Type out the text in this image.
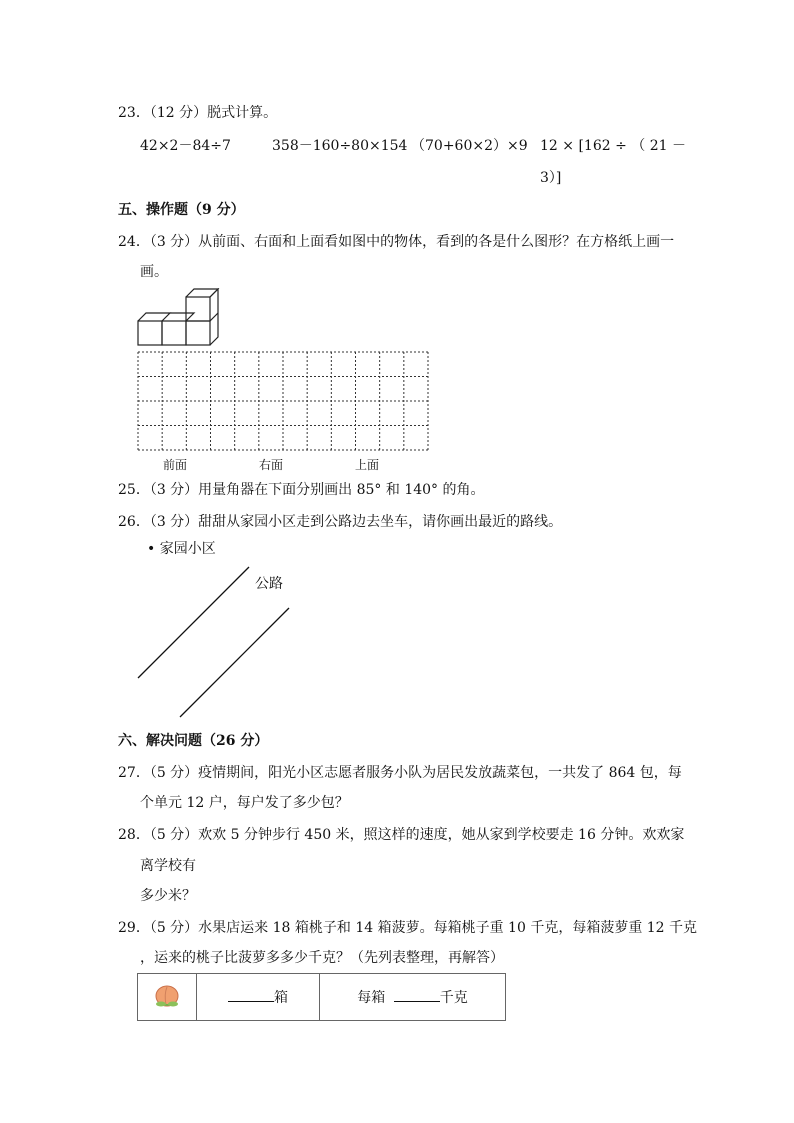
23．（12 分）脱式计算。
42×2－84÷7	358－160÷80×154 （70+60×2）×9 12 × [162 ÷ （ 21 －
3）]
五、操作题（9 分）
24．（3 分）从前面、右面和上面看如图中的物体，看到的各是什么图形？在方格纸上画一
画。
前面	右面	上面
25．（3 分）用量角器在下面分别画出 85° 和 140° 的角。
26．（3 分）甜甜从家园小区走到公路边去坐车，请你画出最近的路线。
• 家园小区
公路
六、解决问题（26 分）
27．（5 分）疫情期间，阳光小区志愿者服务小队为居民发放蔬菜包，一共发了 864 包，每
个单元 12 户，每户发了多少包？
28．（5 分）欢欢 5 分钟步行 450 米，照这样的速度，她从家到学校要走 16 分钟。欢欢家
离学校有
多少米？
29．（5 分）水果店运来 18 箱桃子和 14 箱菠萝。每箱桃子重 10 千克，每箱菠萝重 12 千克
，运来的桃子比菠萝多多少千克？（先列表整理，再解答）
	箱	每箱	千克
